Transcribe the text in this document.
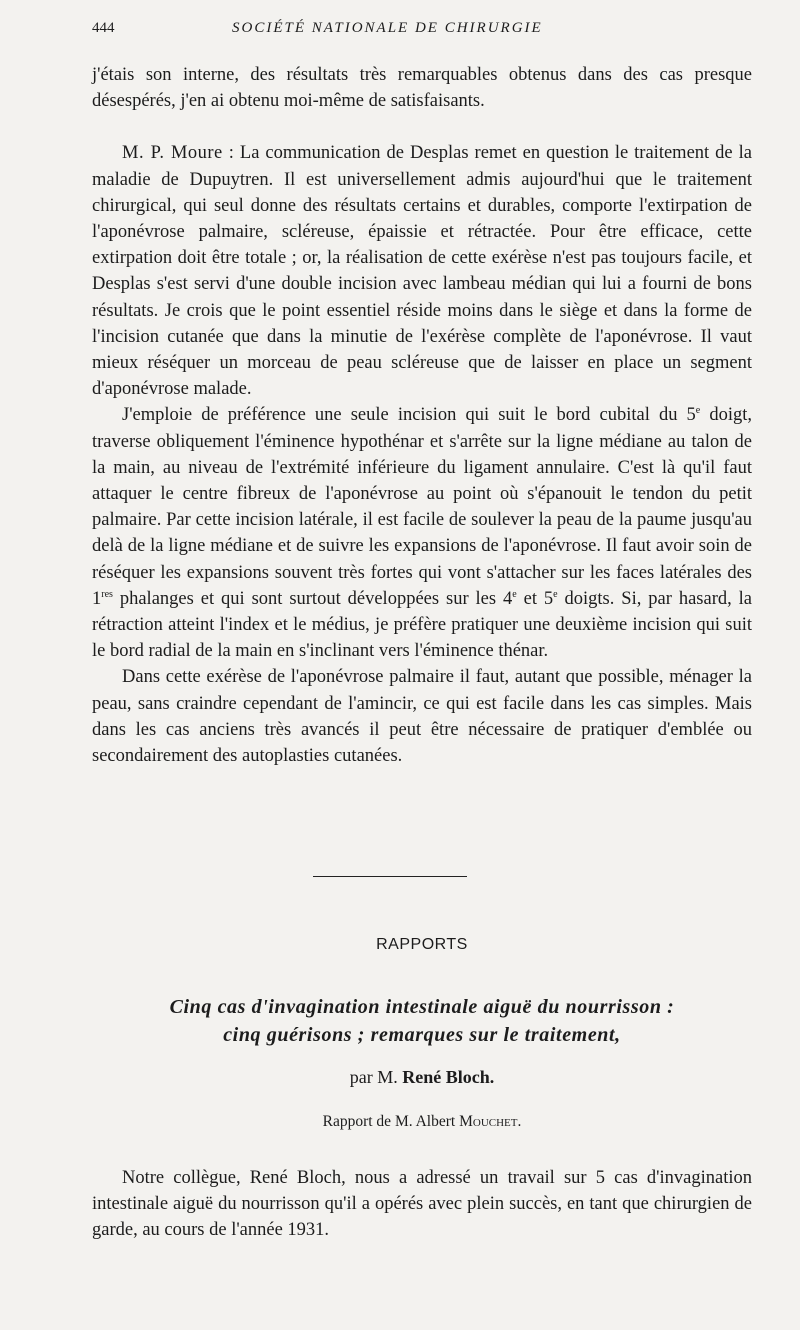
444	SOCIÉTÉ NATIONALE DE CHIRURGIE

j'étais son interne, des résultats très remarquables obtenus dans des cas presque désespérés, j'en ai obtenu moi-même de satisfaisants.

M. P. Moure : La communication de Desplas remet en question le traitement de la maladie de Dupuytren. Il est universellement admis aujourd'hui que le traitement chirurgical, qui seul donne des résultats certains et durables, comporte l'extirpation de l'aponévrose palmaire, scléreuse, épaissie et rétractée. Pour être efficace, cette extirpation doit être totale ; or, la réalisation de cette exérèse n'est pas toujours facile, et Desplas s'est servi d'une double incision avec lambeau médian qui lui a fourni de bons résultats. Je crois que le point essentiel réside moins dans le siège et dans la forme de l'incision cutanée que dans la minutie de l'exérèse complète de l'aponévrose. Il vaut mieux réséquer un morceau de peau scléreuse que de laisser en place un segment d'aponévrose malade.

J'emploie de préférence une seule incision qui suit le bord cubital du 5e doigt, traverse obliquement l'éminence hypothénar et s'arrête sur la ligne médiane au talon de la main, au niveau de l'extrémité inférieure du ligament annulaire. C'est là qu'il faut attaquer le centre fibreux de l'aponévrose au point où s'épanouit le tendon du petit palmaire. Par cette incision latérale, il est facile de soulever la peau de la paume jusqu'au delà de la ligne médiane et de suivre les expansions de l'aponévrose. Il faut avoir soin de réséquer les expansions souvent très fortes qui vont s'attacher sur les faces latérales des 1res phalanges et qui sont surtout développées sur les 4e et 5e doigts. Si, par hasard, la rétraction atteint l'index et le médius, je préfère pratiquer une deuxième incision qui suit le bord radial de la main en s'inclinant vers l'éminence thénar.

Dans cette exérèse de l'aponévrose palmaire il faut, autant que possible, ménager la peau, sans craindre cependant de l'amincir, ce qui est facile dans les cas simples. Mais dans les cas anciens très avancés il peut être nécessaire de pratiquer d'emblée ou secondairement des autoplasties cutanées.

RAPPORTS
Cinq cas d'invagination intestinale aiguë du nourrisson :
cinq guérisons ; remarques sur le traitement,
par M. René Bloch.
Rapport de M. Albert Mouchet.

Notre collègue, René Bloch, nous a adressé un travail sur 5 cas d'invagination intestinale aiguë du nourrisson qu'il a opérés avec plein succès, en tant que chirurgien de garde, au cours de l'année 1931.
